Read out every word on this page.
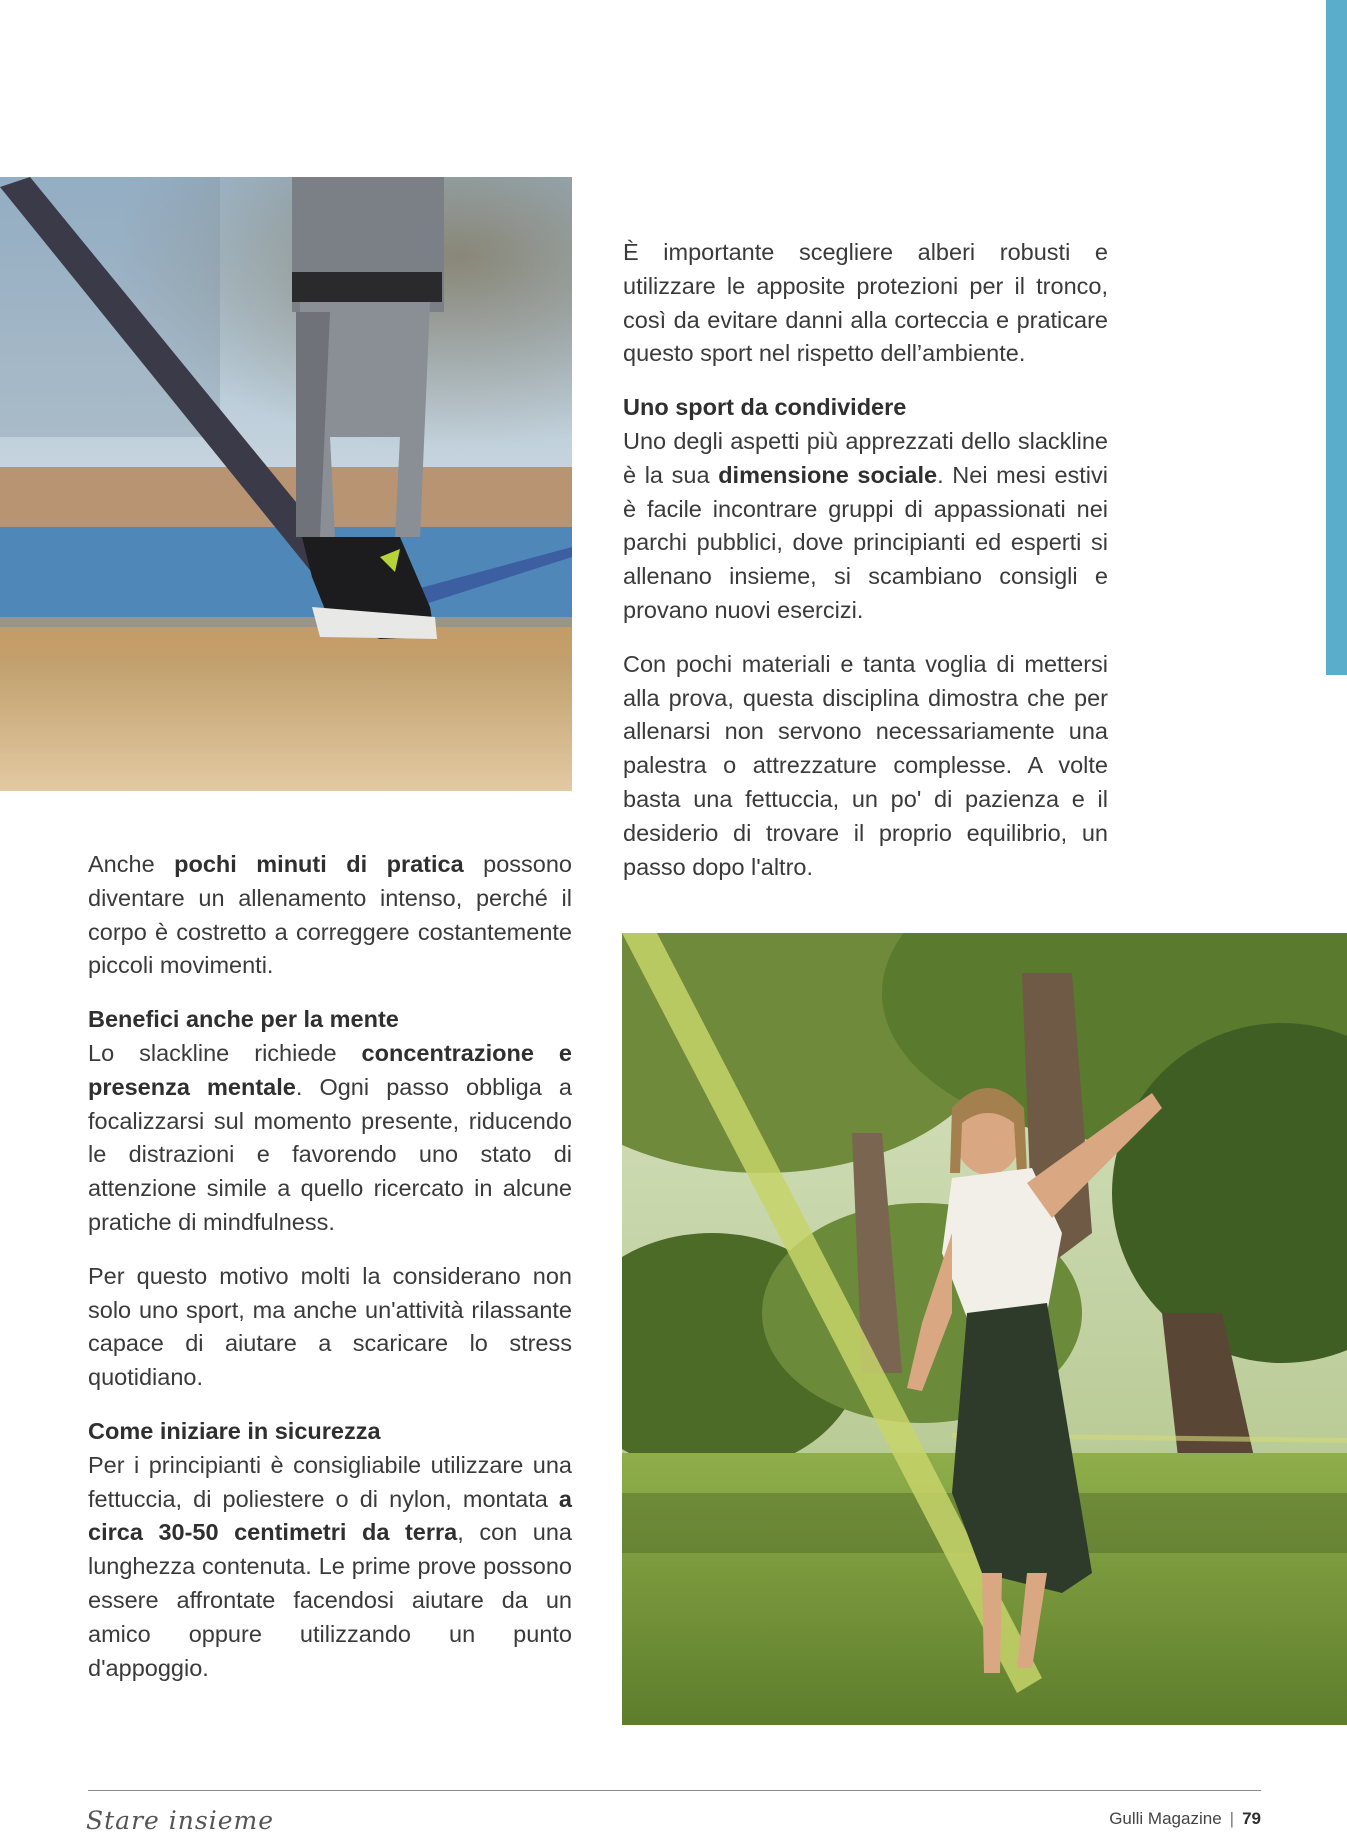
È importante scegliere alberi robusti e utilizzare le apposite protezioni per il tronco, così da evitare danni alla corteccia e praticare questo sport nel rispetto dell’ambiente.

Uno sport da condividere

Uno degli aspetti più apprezzati dello slackline è la sua dimensione sociale. Nei mesi estivi è facile incontrare gruppi di appassionati nei parchi pubblici, dove principianti ed esperti si allenano insieme, si scambiano consigli e provano nuovi esercizi.

Con pochi materiali e tanta voglia di mettersi alla prova, questa disciplina dimostra che per allenarsi non servono necessariamente una palestra o attrezzature complesse. A volte basta una fettuccia, un po' di pazienza e il desiderio di trovare il proprio equilibrio, un passo dopo l'altro.

Anche pochi minuti di pratica possono diventare un allenamento intenso, perché il corpo è costretto a correggere costantemente piccoli movimenti.

Benefici anche per la mente

Lo slackline richiede concentrazione e presenza mentale. Ogni passo obbliga a focalizzarsi sul momento presente, riducendo le distrazioni e favorendo uno stato di attenzione simile a quello ricercato in alcune pratiche di mindfulness.

Per questo motivo molti la considerano non solo uno sport, ma anche un'attività rilassante capace di aiutare a scaricare lo stress quotidiano.

Come iniziare in sicurezza

Per i principianti è consigliabile utilizzare una fettuccia, di poliestere o di nylon, montata a circa 30-50 centimetri da terra, con una lunghezza contenuta. Le prime prove possono essere affrontate facendosi aiutare da un amico oppure utilizzando un punto d'appoggio.

Stare insieme	Gulli Magazine | 79
